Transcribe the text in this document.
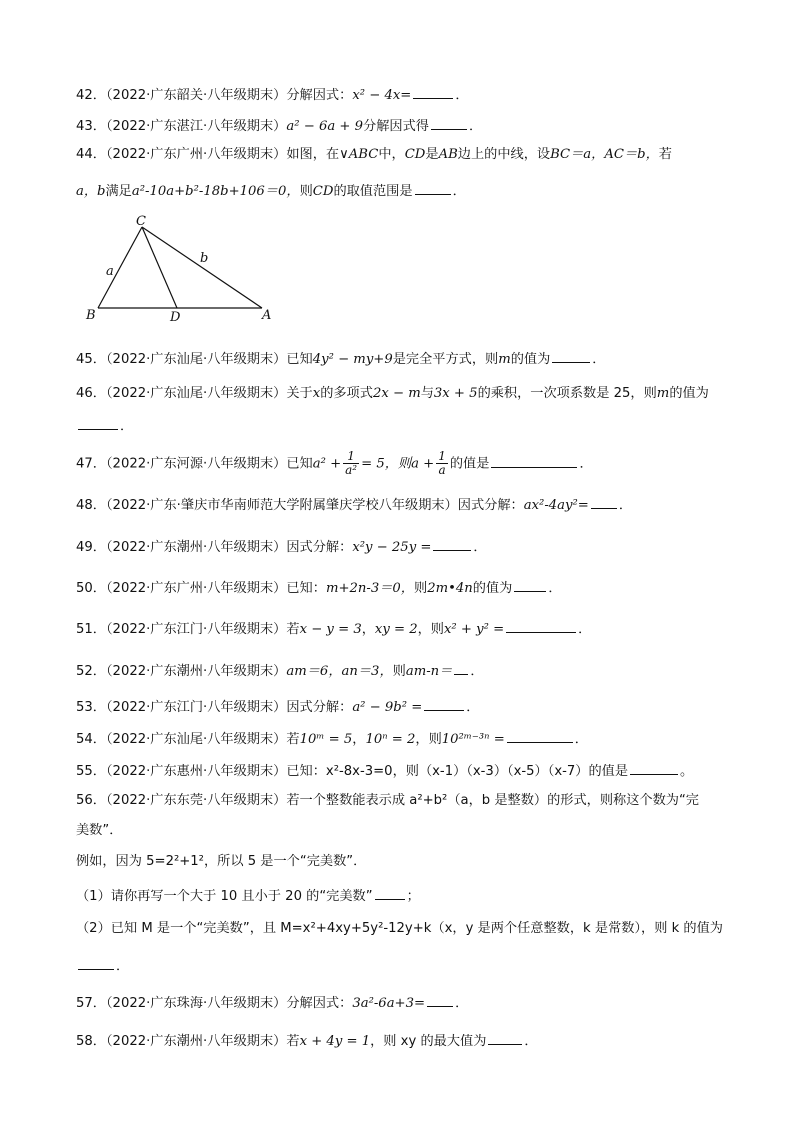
42．（2022·广东韶关·八年级期末）分解因式：x² − 4x=	．
43．（2022·广东湛江·八年级期末）a² − 6a + 9分解因式得	．
44．（2022·广东广州·八年级期末）如图，在∨ABC中，CD是AB边上的中线，设BC＝a，AC＝b，若
a，b满足a²-10a+b²-18b+106＝0，则CD的取值范围是	．
C
B	D	A
a
b
45．（2022·广东汕尾·八年级期末）已知4y² − my+9是完全平方式，则m的值为	．
46．（2022·广东汕尾·八年级期末）关于x的多项式2x − m与3x + 5的乘积，一次项系数是 25，则m的值为
．
47．（2022·广东河源·八年级期末）已知$a^2 + \frac{1}{\text{a²}} = 5$，则$a + \frac{1}{a}$ 的值是	．
48．（2022·广东·肇庆市华南师范大学附属肇庆学校八年级期末）因式分解：ax²-4ay²= ．
49．（2022·广东潮州·八年级期末）因式分解：x²y − 25y =	．
50．（2022·广东广州·八年级期末）已知：m+2n-3＝0，则2m•4n的值为	．
51．（2022·广东江门·八年级期末）若x − y = 3，xy = 2，则x² + y² =	．
52．（2022·广东潮州·八年级期末）am＝6，an＝3，则am-n＝ ．
53．（2022·广东江门·八年级期末）因式分解：a² − 9b² =	．
54．（2022·广东汕尾·八年级期末）若10ᵐ = 5，10ⁿ = 2，则10²ᵐ⁻³ⁿ =	．
55．（2022·广东惠州·八年级期末）已知：x²-8x-3=0，则（x-1）（x-3）（x-5）（x-7）的值是	。
56．（2022·广东东莞·八年级期末）若一个整数能表示成 a²+b²（a，b 是整数）的形式，则称这个数为“完
美数”．
例如，因为 5=2²+1²，所以 5 是一个“完美数”．
（1）请你再写一个大于 10 且小于 20 的“完美数”	；
（2）已知 M 是一个“完美数”，且 M=x²+4xy+5y²-12y+k（x，y 是两个任意整数，k 是常数），则 k 的值为
．
57．（2022·广东珠海·八年级期末）分解因式：3a²-6a+3= ．
58．（2022·广东潮州·八年级期末）若x + 4y = 1，则 xy 的最大值为	．
